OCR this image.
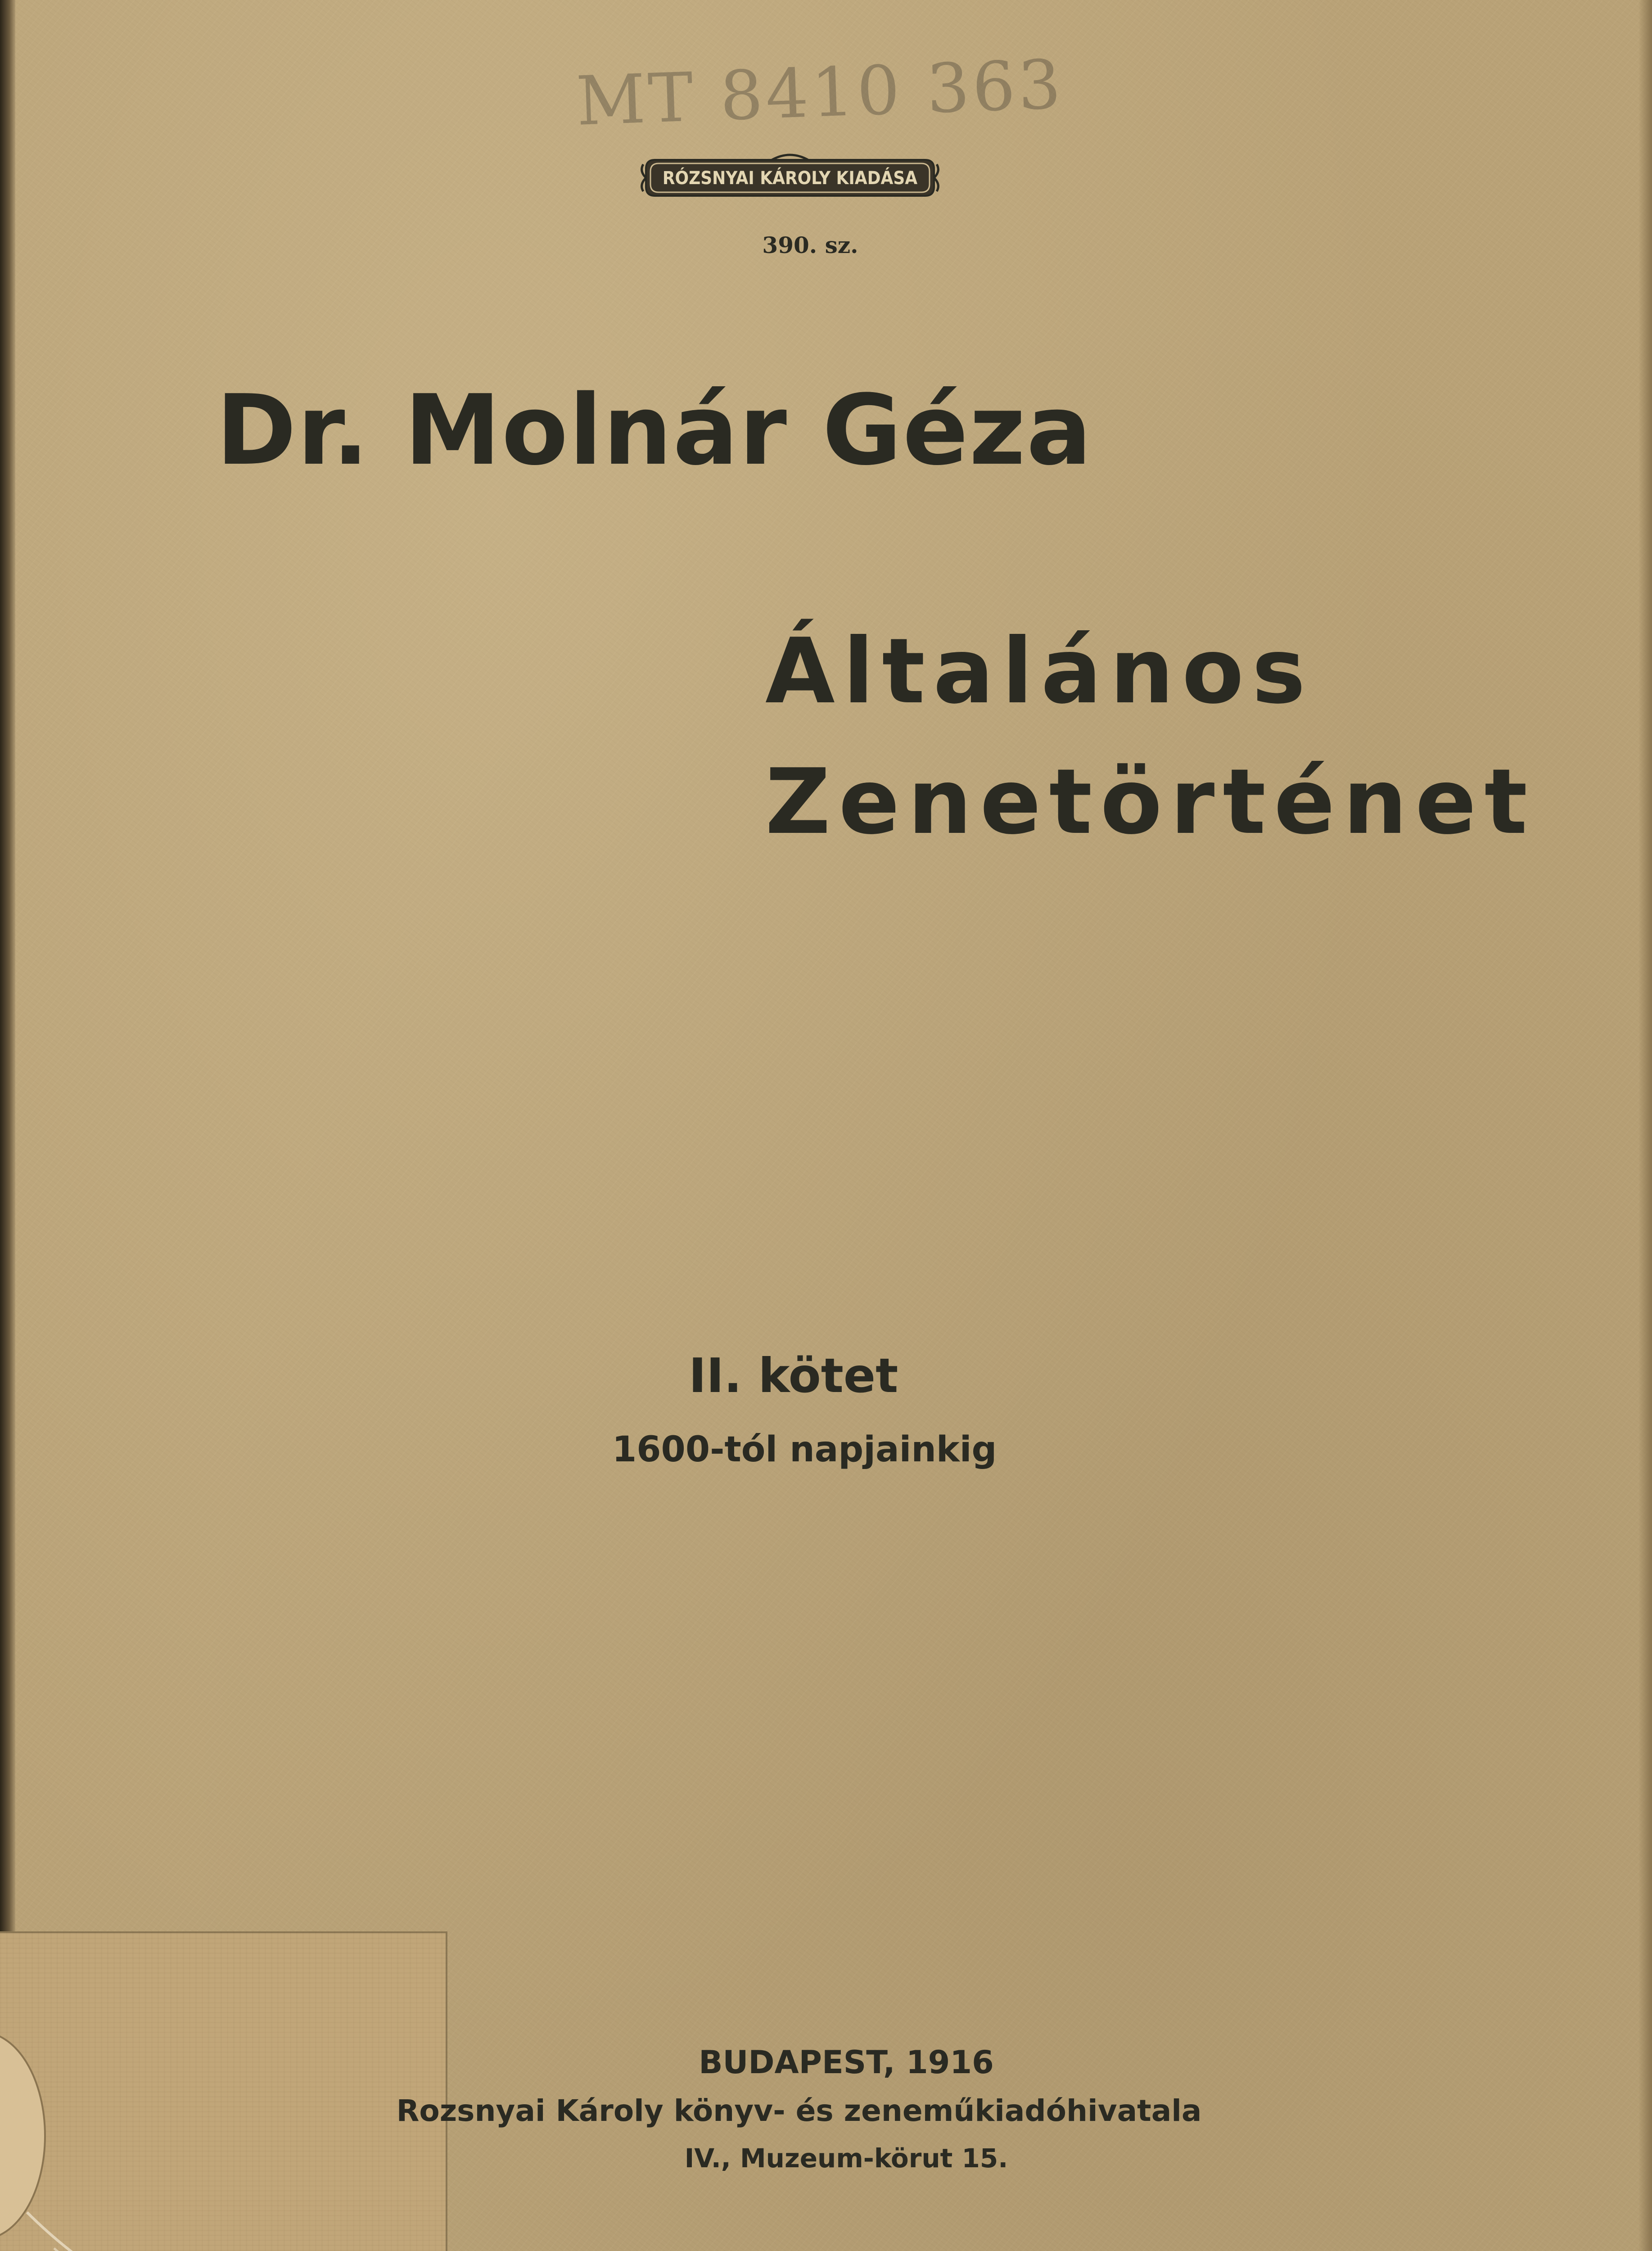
MT 8410 363
RÓZSNYAI KÁROLY KIADÁSA
390. sz.
Dr. Molnár Géza
Általános
Zenetörténet
II. kötet
1600-tól napjainkig
BUDAPEST, 1916
Rozsnyai Károly könyv- és zeneműkiadóhivatala
IV., Muzeum-körut 15.
